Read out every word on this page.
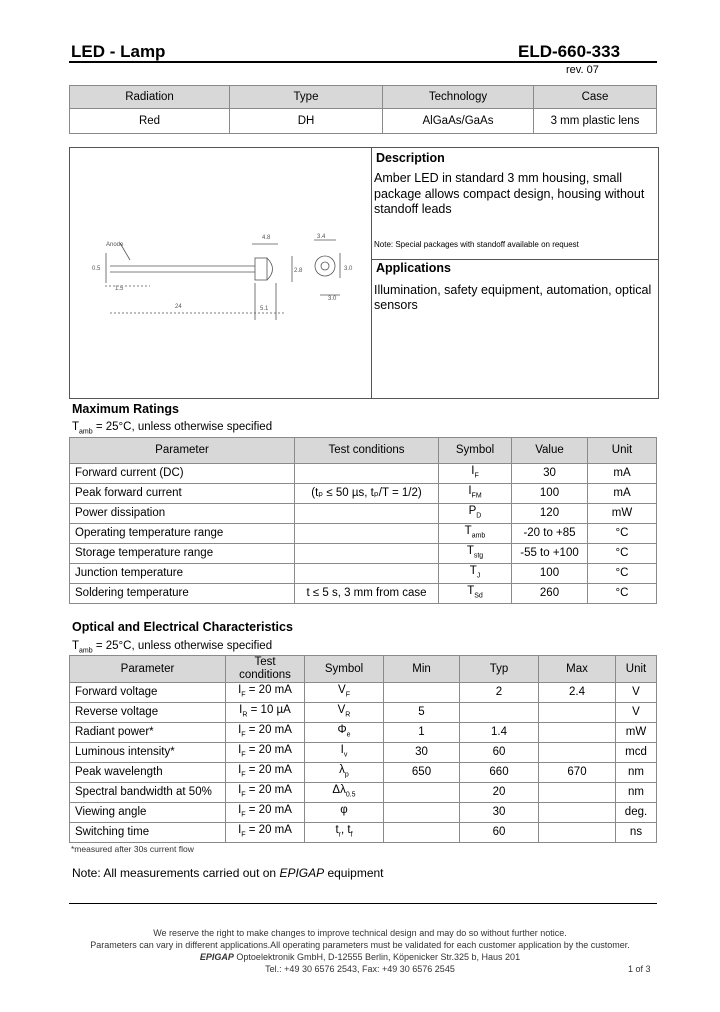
LED - Lamp	ELD-660-333
rev. 07
Radiation	Type	Technology	Case
Red	DH	AlGaAs/GaAs	3 mm plastic lens
4.8	3.4
2.8	3.0
0.5
1.5
24	5.1
3.0
Anode
Description
Amber LED in standard 3 mm housing, small package allows compact design, housing without standoff leads
Note: Special packages with standoff available on request
Applications
Illumination, safety equipment, automation, optical sensors
Maximum Ratings
$T_{amb} = 25^\circ C$, unless otherwise specified
Parameter	Test conditions	Symbol	Value	Unit
Forward current (DC)		$I_F$	30	mA
Peak forward current	(tₚ ≤ 50 µs, tₚ/T = 1/2)	$I_{FM}$	100	mA
Power dissipation		$P_D$	120	mW
Operating temperature range		$T_{amb}$	-20 to +85	°C
Storage temperature range		$T_{stg}$	-55 to +100	°C
Junction temperature		$T_J$	100	°C
Soldering temperature	t ≤ 5 s, 3 mm from case	$T_{Sd}$	260	°C
Optical and Electrical Characteristics
$T_{amb} = 25^\circ C$, unless otherwise specified
Parameter	Test conditions	Symbol	Min	Typ	Max	Unit
Forward voltage	$I_F = 20$ mA	$V_F$		2	2.4	V
Reverse voltage	$I_R = 10$ µA	$V_R$	5			V
Radiant power*	$I_F = 20$ mA	$\Phi_e$	1	1.4		mW
Luminous intensity*	$I_F = 20$ mA	$I_v$	30	60		mcd
Peak wavelength	$I_F = 20$ mA	$\lambda_p$	650	660	670	nm
Spectral bandwidth at 50%	$I_F = 20$ mA	$\Delta\lambda_{0.5}$		20		nm
Viewing angle	$I_F = 20$ mA	φ		30		deg.
Switching time	$I_F = 20$ mA	$t_r$, $t_f$		60		ns
*measured after 30s current flow
Note: All measurements carried out on EPIGAP equipment
We reserve the right to make changes to improve technical design and may do so without further notice.
Parameters can vary in different applications.All operating parameters must be validated for each customer application by the customer.
EPIGAP Optoelektronik GmbH, D-12555 Berlin, Köpenicker Str.325 b, Haus 201
Tel.: +49 30 6576 2543, Fax: +49 30 6576 2545	1 of 3
